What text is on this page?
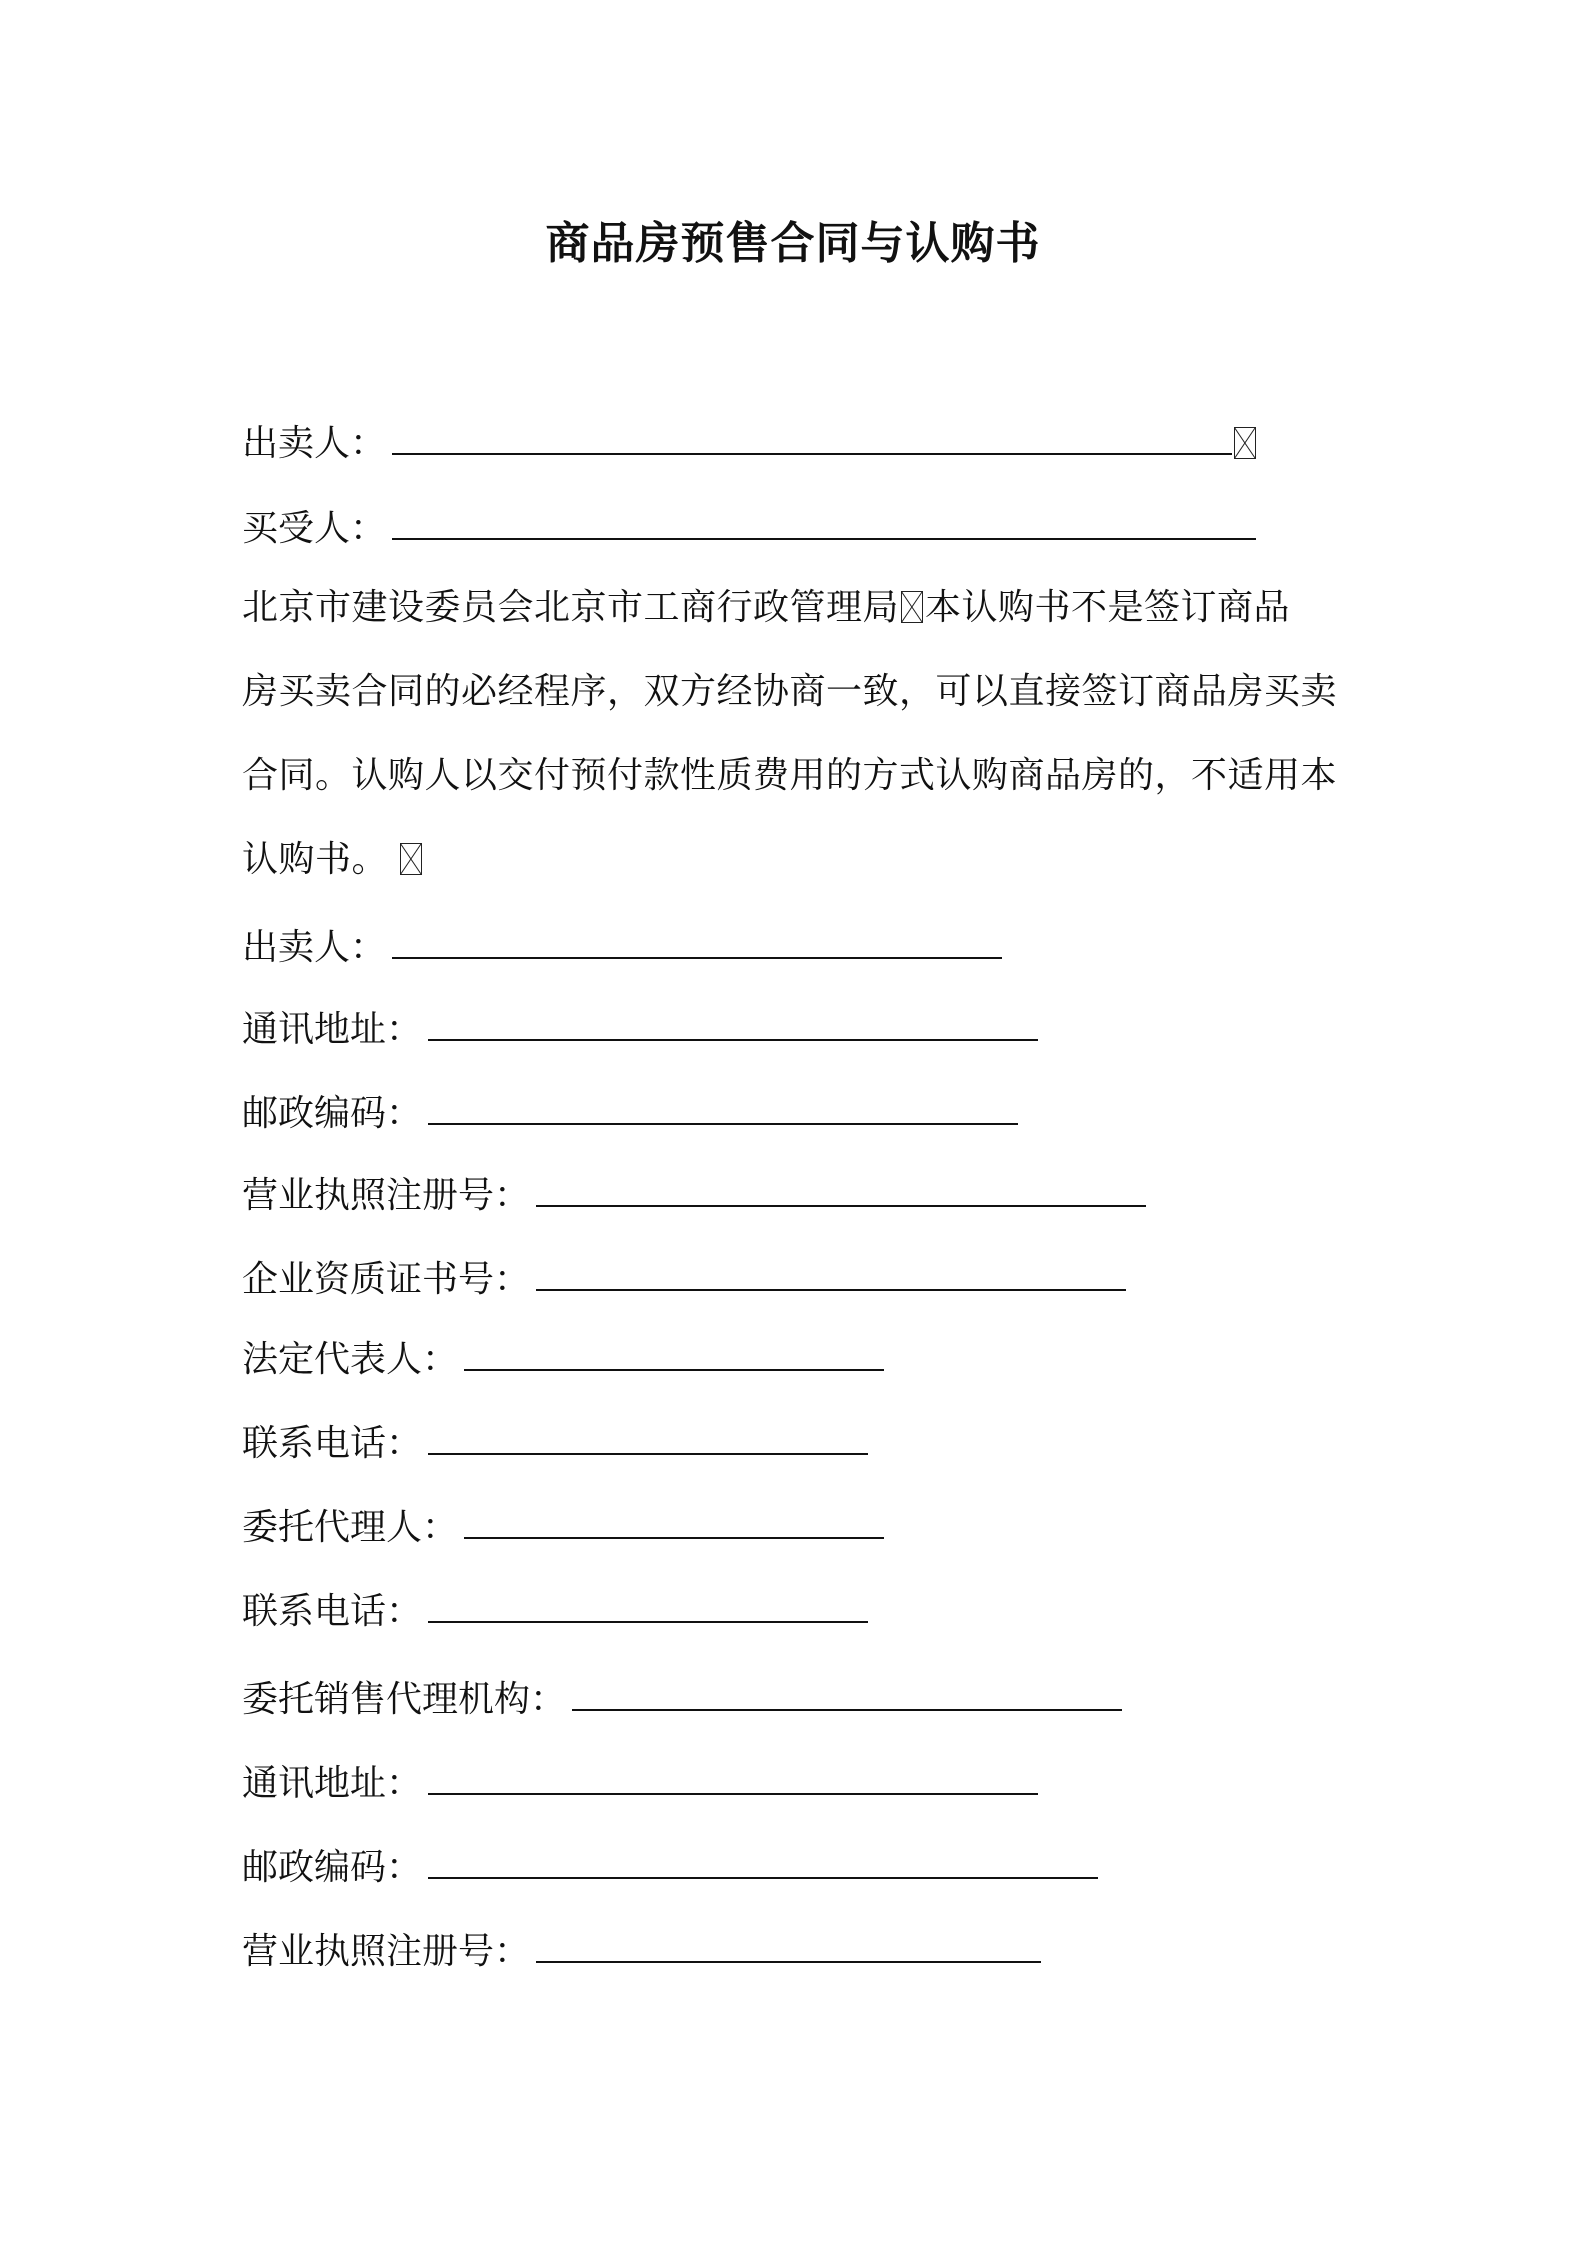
商品房预售合同与认购书
出卖人：
买受人：
北京市建设委员会北京市工商行政管理局 本认购书不是签订商品
房买卖合同的必经程序，双方经协商一致，可以直接签订商品房买卖
合同。认购人以交付预付款性质费用的方式认购商品房的，不适用本
认购书。
出卖人：
通讯地址：
邮政编码：
营业执照注册号：
企业资质证书号：
法定代表人：
联系电话：
委托代理人：
联系电话：
委托销售代理机构：
通讯地址：
邮政编码：
营业执照注册号：
